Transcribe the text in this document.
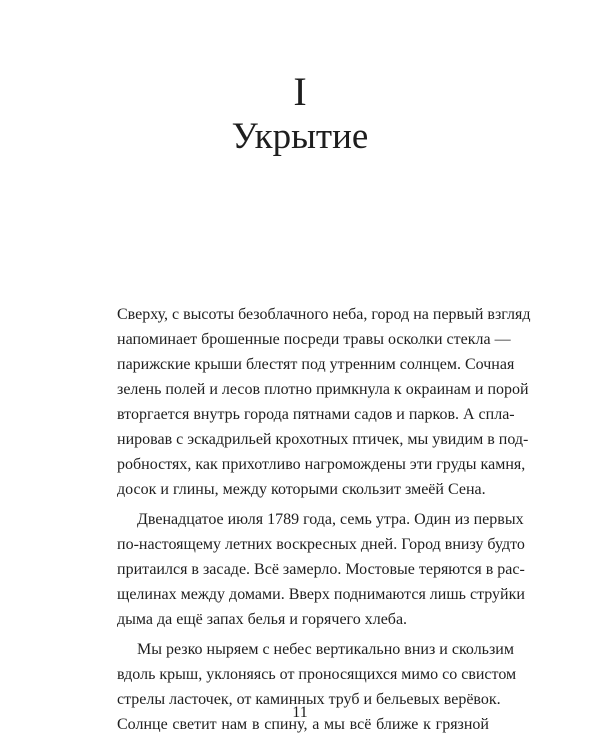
I
Укрытие
Сверху, с высоты безоблачного неба, город на первый взгляд
напоминает брошенные посреди травы осколки стекла —
парижские крыши блестят под утренним солнцем. Сочная
зелень полей и лесов плотно примкнула к окраинам и порой
вторгается внутрь города пятнами садов и парков. А спла-
нировав с эскадрильей крохотных птичек, мы увидим в под-
робностях, как прихотливо нагромождены эти груды камня,
досок и глины, между которыми скользит змеёй Сена.
Двенадцатое июля 1789 года, семь утра. Один из первых
по-настоящему летних воскресных дней. Город внизу будто
притаился в засаде. Всё замерло. Мостовые теряются в рас-
щелинах между домами. Вверх поднимаются лишь струйки
дыма да ещё запах белья и горячего хлеба.
Мы резко ныряем с небес вертикально вниз и скользим
вдоль крыш, уклоняясь от проносящихся мимо со свистом
стрелы ласточек, от каминных труб и бельевых верёвок.
Солнце светит нам в спину, а мы всё ближе к грязной
11
